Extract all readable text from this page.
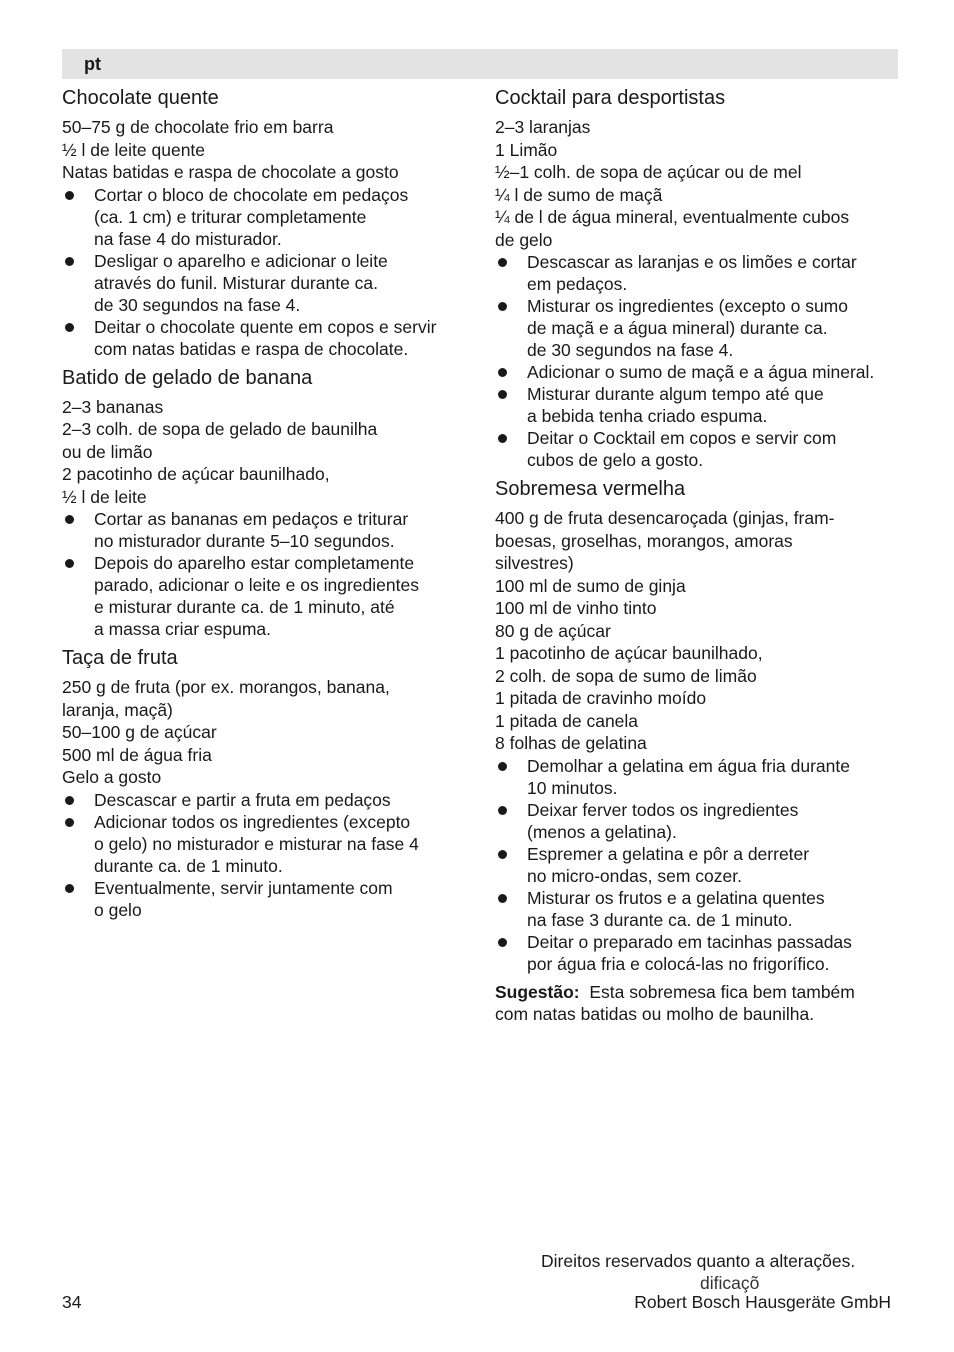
pt
Chocolate quente
50–75 g de chocolate frio em barra
½ l de leite quente
Natas batidas e raspa de chocolate a gosto
Cortar o bloco de chocolate em pedaços
(ca. 1 cm) e triturar completamente
na fase 4 do misturador.
Desligar o aparelho e adicionar o leite
através do funil. Misturar durante ca.
de 30 segundos na fase 4.
Deitar o chocolate quente em copos e servir
com natas batidas e raspa de chocolate.
Batido de gelado de banana
2–3 bananas
2–3 colh. de sopa de gelado de baunilha
ou de limão
2 pacotinho de açúcar baunilhado,
½ l de leite
Cortar as bananas em pedaços e triturar
no misturador durante 5–10 segundos.
Depois do aparelho estar completamente
parado, adicionar o leite e os ingredientes
e misturar durante ca. de 1 minuto, até
a massa criar espuma.
Taça de fruta
250 g de fruta (por ex. morangos, banana,
laranja, maçã)
50–100 g de açúcar
500 ml de água fria
Gelo a gosto
Descascar e partir a fruta em pedaços
Adicionar todos os ingredientes (excepto
o gelo) no misturador e misturar na fase 4
durante ca. de 1 minuto.
Eventualmente, servir juntamente com
o gelo
Cocktail para desportistas
2–3 laranjas
1 Limão
½–1 colh. de sopa de açúcar ou de mel
¼ l de sumo de maçã
¼ de l de água mineral, eventualmente cubos
de gelo
Descascar as laranjas e os limões e cortar
em pedaços.
Misturar os ingredientes (excepto o sumo
de maçã e a água mineral) durante ca.
de 30 segundos na fase 4.
Adicionar o sumo de maçã e a água mineral.
Misturar durante algum tempo até que
a bebida tenha criado espuma.
Deitar o Cocktail em copos e servir com
cubos de gelo a gosto.
Sobremesa vermelha
400 g de fruta desencaroçada (ginjas, fram-
boesas, groselhas, morangos, amoras
silvestres)
100 ml de sumo de ginja
100 ml de vinho tinto
80 g de açúcar
1 pacotinho de açúcar baunilhado,
2 colh. de sopa de sumo de limão
1 pitada de cravinho moído
1 pitada de canela
8 folhas de gelatina
Demolhar a gelatina em água fria durante
10 minutos.
Deixar ferver todos os ingredientes
(menos a gelatina).
Espremer a gelatina e pôr a derreter
no micro-ondas, sem cozer.
Misturar os frutos e a gelatina quentes
na fase 3 durante ca. de 1 minuto.
Deitar o preparado em tacinhas passadas
por água fria e colocá-las no frigorífico.
Sugestão: Esta sobremesa fica bem também
com natas batidas ou molho de baunilha.
Direitos reservados quanto a alterações.
dificaçõ
34	Robert Bosch Hausgeräte GmbH
